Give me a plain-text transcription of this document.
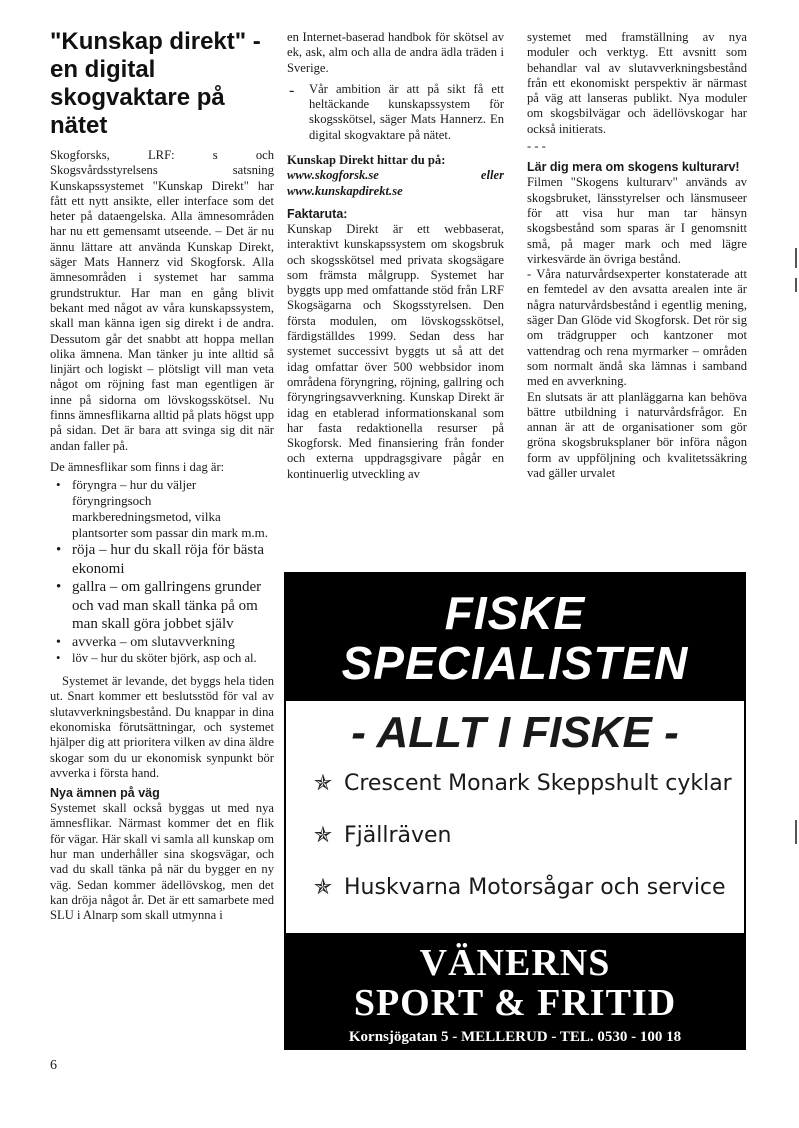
"Kunskap direkt" - en digital skogvaktare på nätet

Skogforsks, LRF: s och Skogsvårdsstyrelsens satsning Kunskapssystemet "Kunskap Direkt" har fått ett nytt ansikte, eller interface som det heter på dataengelska. Alla ämnesområden har nu ett gemensamt utseende. – Det är nu ännu lättare att använda Kunskap Direkt, säger Mats Hannerz vid Skogforsk. Alla ämnesområden i systemet har samma grundstruktur. Har man en gång blivit bekant med något av våra kunskapssystem, skall man känna igen sig direkt i de andra. Dessutom går det snabbt att hoppa mellan olika ämnena. Man tänker ju inte alltid så linjärt och logiskt – plötsligt vill man veta något om röjning fast man egentligen är inne på sidorna om lövskogsskötsel. Nu finns ämnesflikarna alltid på plats högst upp på sidan. Det är bara att svinga sig dit när andan faller på.

De ämnesflikar som finns i dag är:

• föryngra – hur du väljer föryngringsoch markberedningsmetod, vilka plantsorter som passar din mark m.m.
• röja – hur du skall röja för bästa ekonomi
• gallra – om gallringens grunder och vad man skall tänka på om man skall göra jobbet själv
• avverka – om slutavverkning
• löv – hur du sköter björk, asp och al.

Systemet är levande, det byggs hela tiden ut. Snart kommer ett beslutsstöd för val av slutavverkningsbestånd. Du knappar in dina ekonomiska förutsättningar, och systemet hjälper dig att prioritera vilken av dina äldre skogar som du ur ekonomisk synpunkt bör avverka i första hand.

Nya ämnen på väg

Systemet skall också byggas ut med nya ämnesflikar. Närmast kommer det en flik för vägar. Här skall vi samla all kunskap om hur man underhåller sina skogsvägar, och vad du skall tänka på när du bygger en ny väg. Sedan kommer ädellövskog, men det kan dröja något år. Det är ett samarbete med SLU i Alnarp som skall utmynna i

en Internet-baserad handbok för skötsel av ek, ask, alm och alla de andra ädla träden i Sverige.

- Vår ambition är att på sikt få ett heltäckande kunskapssystem för skogsskötsel, säger Mats Hannerz. En digital skogvaktare på nätet.

Kunskap Direkt hittar du på:

www.skogforsk.se eller www.kunskapdirekt.se

Faktaruta:

Kunskap Direkt är ett webbaserat, interaktivt kunskapssystem om skogsbruk och skogsskötsel med privata skogsägare som främsta målgrupp. Systemet har byggts upp med omfattande stöd från LRF Skogsägarna och Skogsstyrelsen. Den första modulen, om lövskogsskötsel, färdigställdes 1999. Sedan dess har systemet successivt byggts ut så att det idag omfattar över 500 webbsidor inom områdena föryngring, röjning, gallring och föryngringsavverkning. Kunskap Direkt är idag en etablerad informationskanal som har fasta redaktionella resurser på Skogforsk. Med finansiering från fonder och externa uppdragsgivare pågår en kontinuerlig utveckling av

systemet med framställning av nya moduler och verktyg. Ett avsnitt som behandlar val av slutavverkningsbestånd från ett ekonomiskt perspektiv är närmast på väg att lanseras publikt. Nya moduler om skogsbilvägar och ädellövskogar har också initierats.

- - -

Lär dig mera om skogens kulturarv!

Filmen "Skogens kulturarv" används av skogsbruket, länsstyrelser och länsmuseer för att visa hur man tar hänsyn skogsbestånd som sparas är I genomsnitt små, på mager mark och med lägre virkesvärde än övriga bestånd.

- Våra naturvårdsexperter konstaterade att en femtedel av den avsatta arealen inte är några naturvårdsbestånd i egentlig mening, säger Dan Glöde vid Skogforsk. Det rör sig om trädgrupper och kantzoner mot vattendrag och rena myrmarker – områden som normalt ändå ska lämnas i samband med en avverkning.

En slutsats är att planläggarna kan behöva bättre utbildning i naturvårdsfrågor. En annan är att de organisationer som gör gröna skogsbruksplaner bör införa någon form av uppföljning och kvalitetssäkring vad gäller urvalet

FISKE
SPECIALISTEN
- ALLT I FISKE -
✯ Crescent Monark Skeppshult cyklar
✯ Fjällräven
✯ Huskvarna Motorsågar och service
VÄNERNS
SPORT & FRITID
Kornsjögatan 5 - MELLERUD - TEL. 0530 - 100 18
6
